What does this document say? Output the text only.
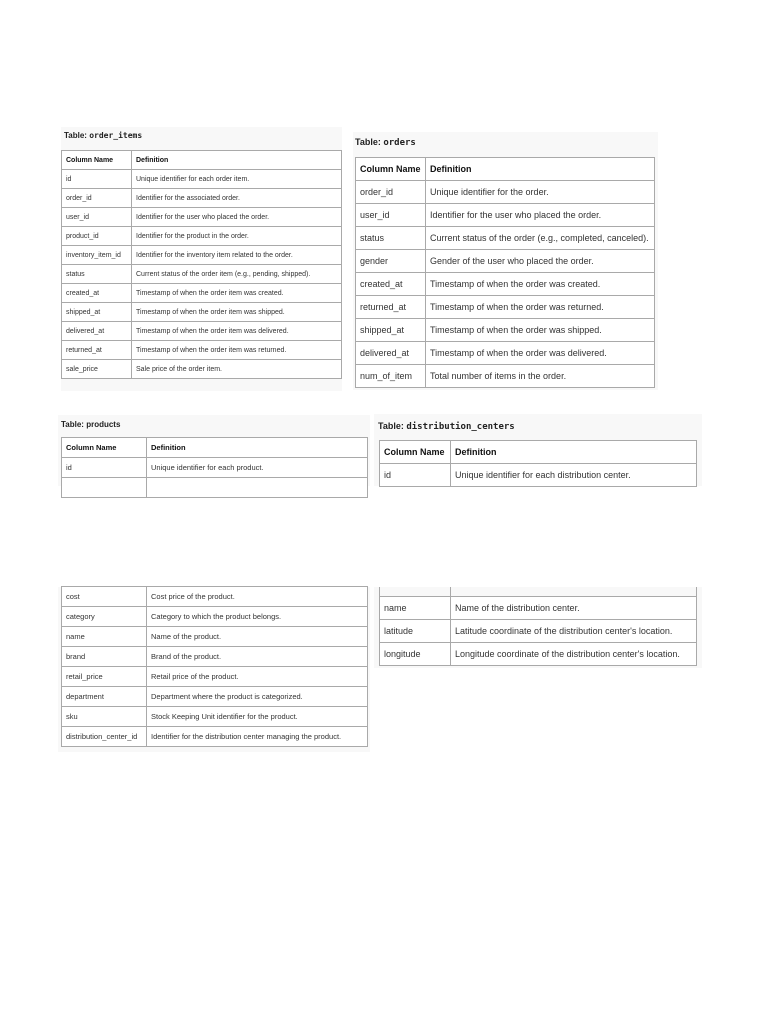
Table: order_items
Column Name	Definition
id	Unique identifier for each order item.
order_id	Identifier for the associated order.
user_id	Identifier for the user who placed the order.
product_id	Identifier for the product in the order.
inventory_item_id	Identifier for the inventory item related to the order.
status	Current status of the order item (e.g., pending, shipped).
created_at	Timestamp of when the order item was created.
shipped_at	Timestamp of when the order item was shipped.
delivered_at	Timestamp of when the order item was delivered.
returned_at	Timestamp of when the order item was returned.
sale_price	Sale price of the order item.
Table: orders
Column Name	Definition
order_id	Unique identifier for the order.
user_id	Identifier for the user who placed the order.
status	Current status of the order (e.g., completed, canceled).
gender	Gender of the user who placed the order.
created_at	Timestamp of when the order was created.
returned_at	Timestamp of when the order was returned.
shipped_at	Timestamp of when the order was shipped.
delivered_at	Timestamp of when the order was delivered.
num_of_item	Total number of items in the order.
Table: products
Column Name	Definition
id	Unique identifier for each product.

cost	Cost price of the product.
category	Category to which the product belongs.
name	Name of the product.
brand	Brand of the product.
retail_price	Retail price of the product.
department	Department where the product is categorized.
sku	Stock Keeping Unit identifier for the product.
distribution_center_id	Identifier for the distribution center managing the product.
Table: distribution_centers
Column Name	Definition
id	Unique identifier for each distribution center.
name	Name of the distribution center.
latitude	Latitude coordinate of the distribution center's location.
longitude	Longitude coordinate of the distribution center's location.
